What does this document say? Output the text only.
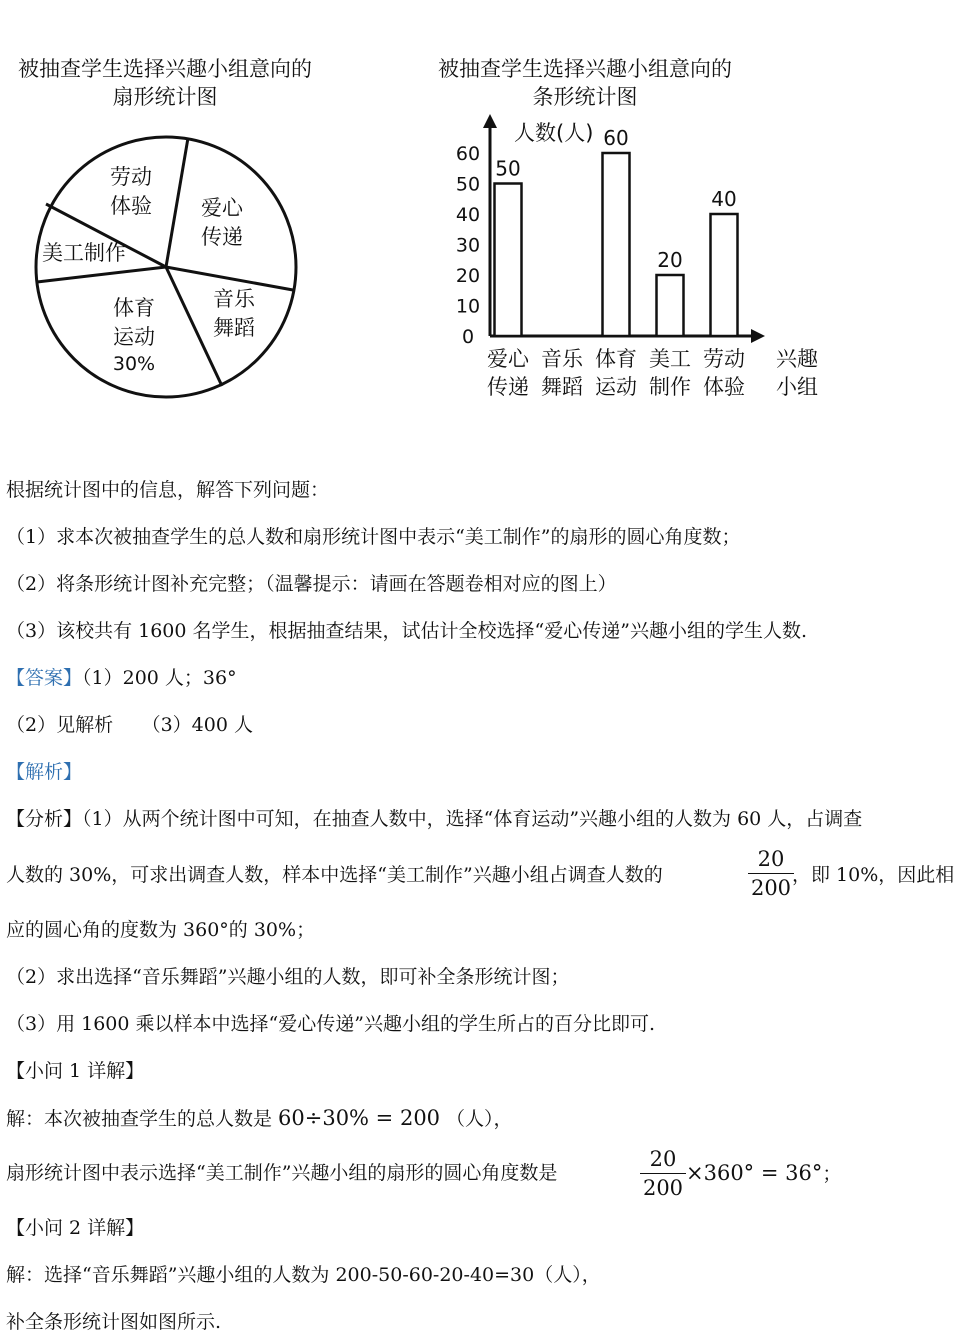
被抽查学生选择兴趣小组意向的
扇形统计图
劳动
体验 爱心
传递
音乐
舞蹈
体育
运动
30%
美工制作
被抽查学生选择兴趣小组意向的
条形统计图
人数(人)
兴趣
小组
0
10
20
30
40
50
60
50
60
20
40
爱心
传递
音乐
舞蹈
体育
运动
美工
制作
劳动
体验
根据统计图中的信息，解答下列问题：
（1）求本次被抽查学生的总人数和扇形统计图中表示“美工制作”的扇形的圆心角度数；
（2）将条形统计图补充完整；（温馨提示：请画在答题卷相对应的图上）
（3）该校共有 1600 名学生，根据抽查结果，试估计全校选择“爱心传递”兴趣小组的学生人数.
【答案】（1）200 人；36°
（2）见解析　　（3）400 人
【解析】
【分析】（1）从两个统计图中可知，在抽查人数中，选择“体育运动”兴趣小组的人数为 60 人，占调查
人数的 30%，可求出调查人数，样本中选择“美工制作”兴趣小组占调查人数的
20
200
，即 10%，因此相
应的圆心角的度数为 360°的 30%；
（2）求出选择“音乐舞蹈”兴趣小组的人数，即可补全条形统计图；
（3）用 1600 乘以样本中选择“爱心传递”兴趣小组的学生所占的百分比即可.
【小问 1 详解】
解：本次被抽查学生的总人数是 60÷30% = 200 （人），
扇形统计图中表示选择“美工制作”兴趣小组的扇形的圆心角度数是
20
200
×360° = 36°；
【小问 2 详解】
解：选择“音乐舞蹈”兴趣小组的人数为 200-50-60-20-40=30（人），
补全条形统计图如图所示.
